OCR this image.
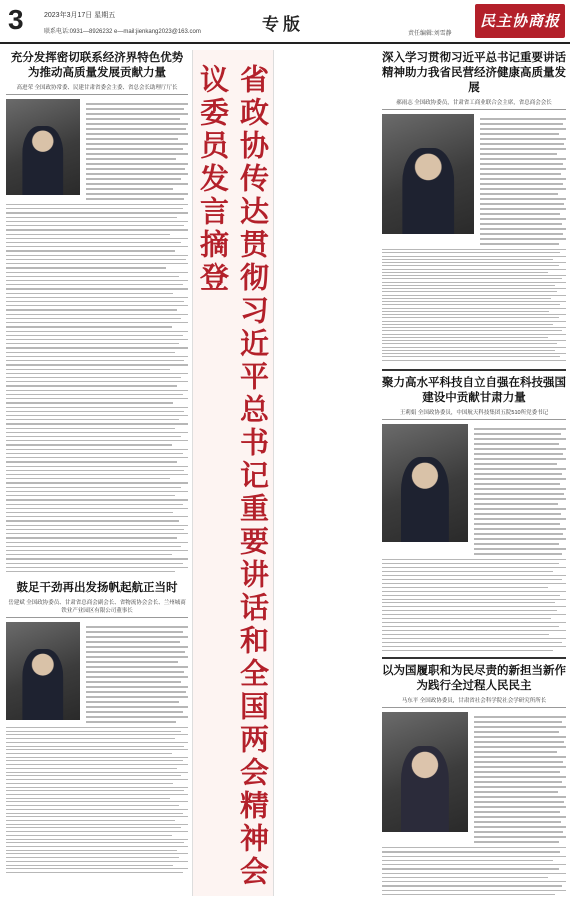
3	2023年3月17日 星期五
联系电话:0931—8926232 e—mail:jienkang2023@163.com	专版	责任编辑:刘雪静
民主协商报
充分发挥密切联系经济界特色优势为推动高质量发展贡献力量
高进荣 全国政协常委、民建甘肃省委会主委、省总会长助理厅厅长
鼓足干劲再出发扬帆起航正当时
岳建斌 全国政协委员、甘肃省总商会副会长、省物流协会会长、兰州城商铁业产业园区有限公司董事长	省政协传达贯彻习近平总书记重要讲话和全国两会精神会议委员发言摘登
深入学习贯彻习近平总书记重要讲话精神助力我省民营经济健康高质量发展
郝雨志 全国政协委员，甘肃省工商业联合会主席，省总商会会长
聚力高水平科技自立自强在科技强国建设中贡献甘肃力量
王莉娟 全国政协委员，中国航天科技集团五院510所党委书记
以为国履职和为民尽责的新担当新作为践行全过程人民民主
马东平 全国政协委员，甘肃省社会科学院社会学研究所所长
